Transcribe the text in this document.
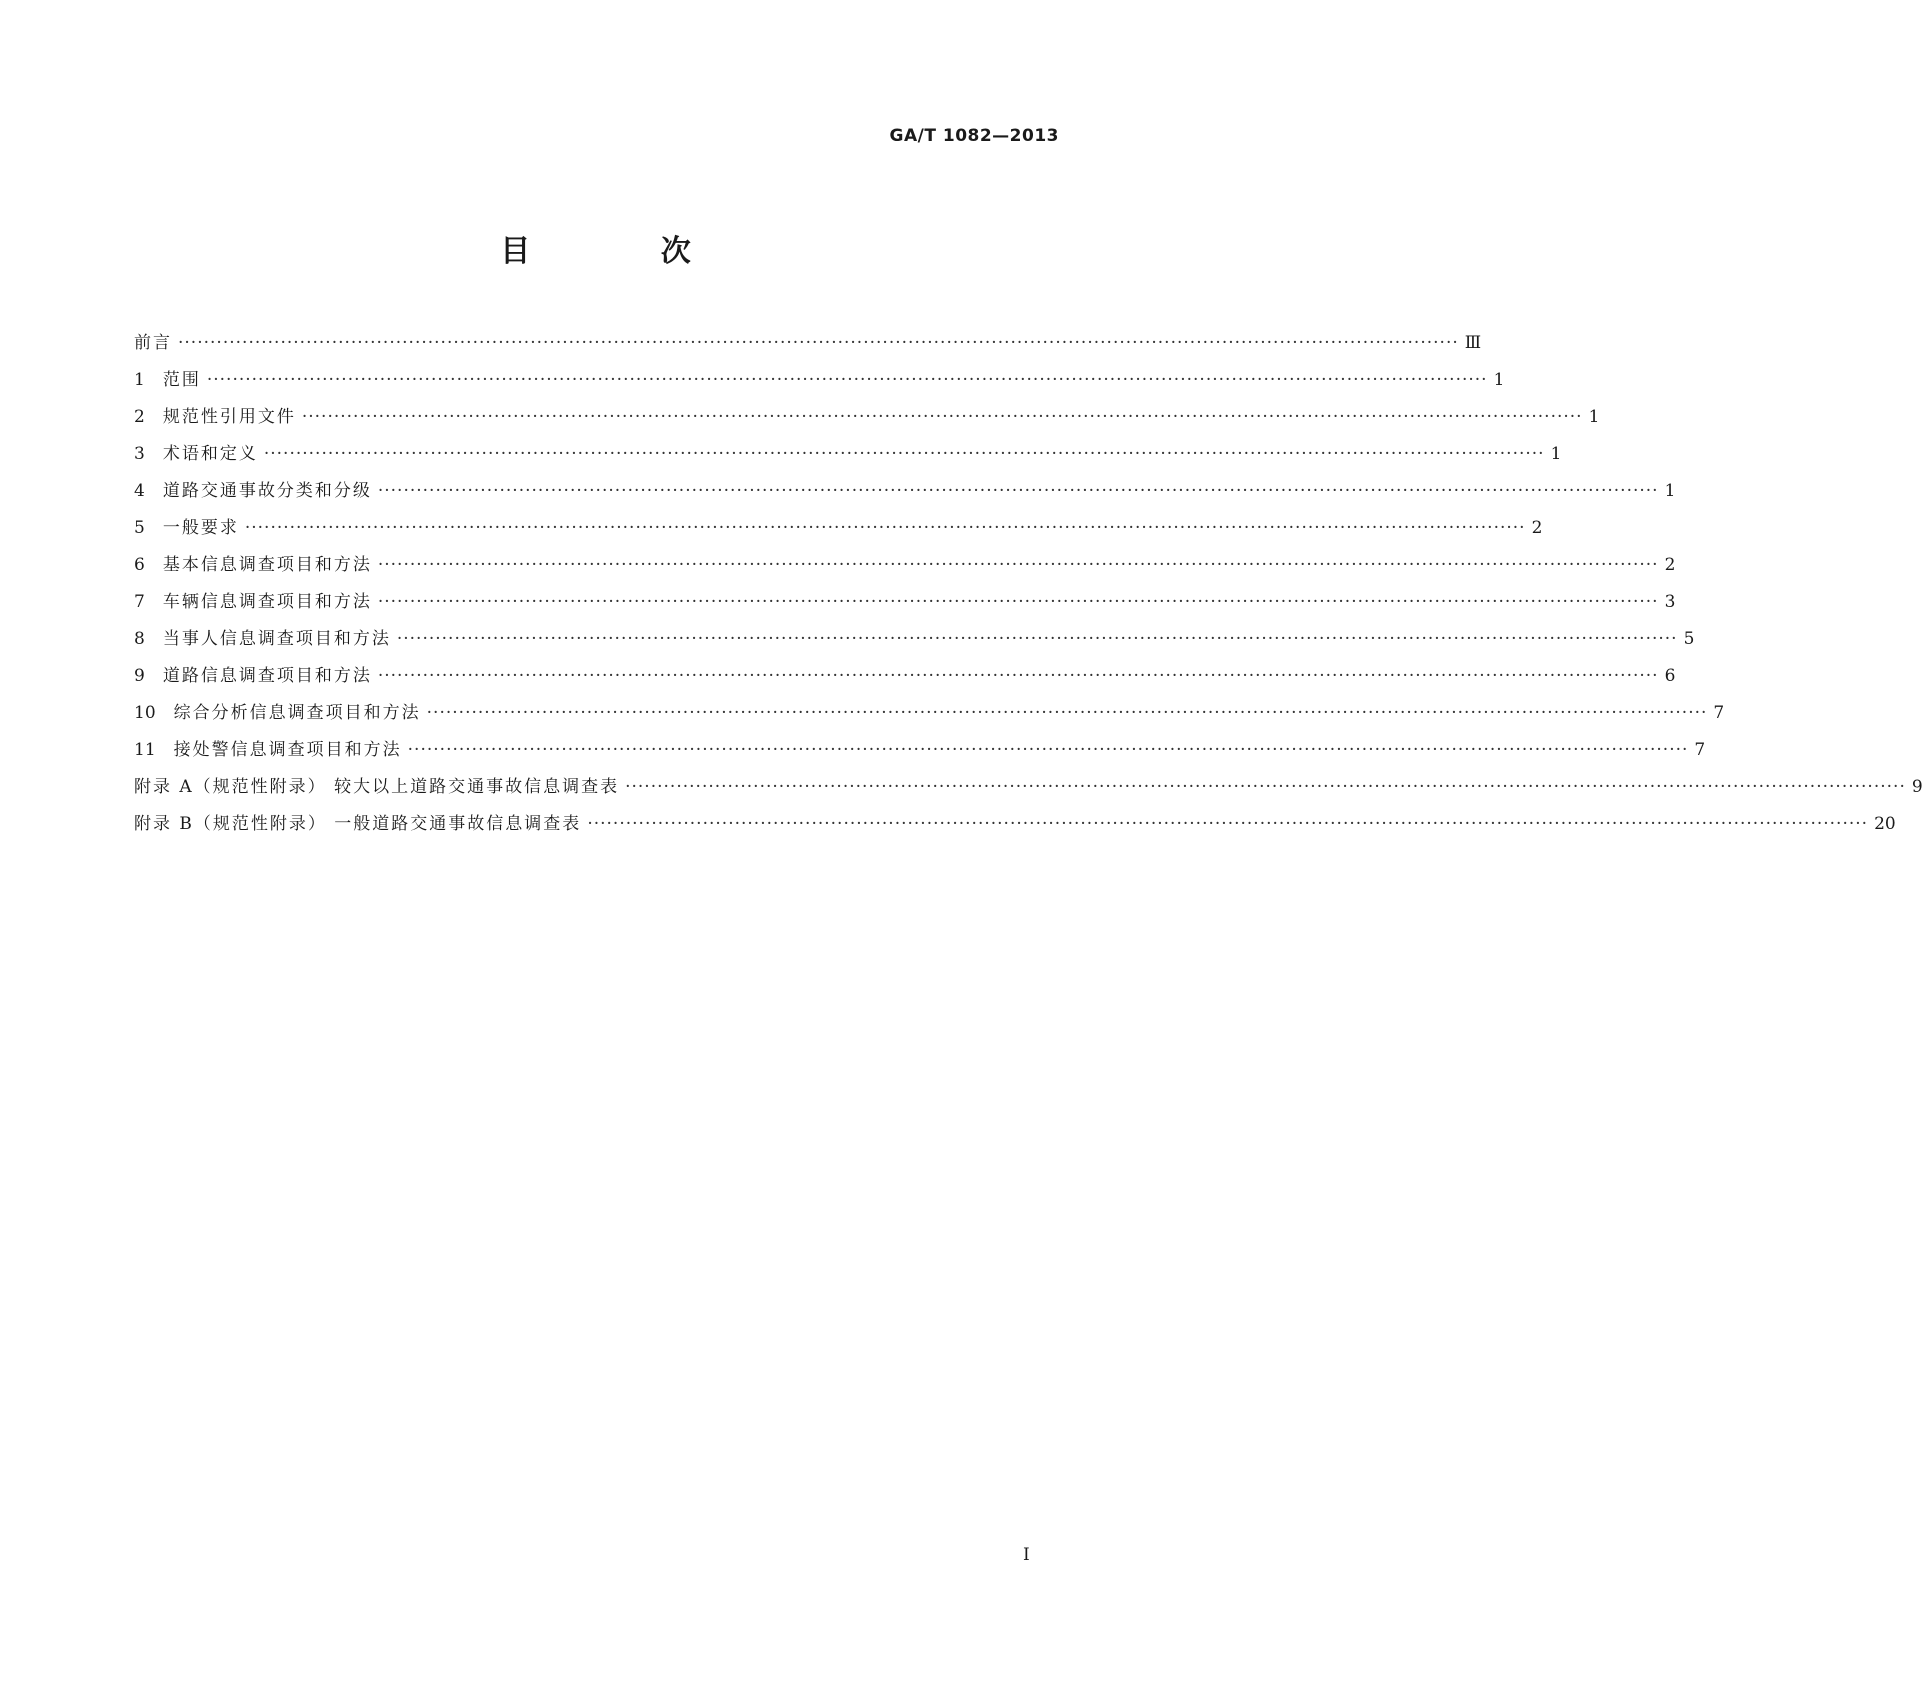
GA/T 1082—2013
目 次
前言 ········································································································································································································ Ⅲ
1 范围 ········································································································································································································ 1
2 规范性引用文件 ········································································································································································································ 1
3 术语和定义 ········································································································································································································ 1
4 道路交通事故分类和分级 ········································································································································································································ 1
5 一般要求 ········································································································································································································ 2
6 基本信息调查项目和方法 ········································································································································································································ 2
7 车辆信息调查项目和方法 ········································································································································································································ 3
8 当事人信息调查项目和方法 ········································································································································································································ 5
9 道路信息调查项目和方法 ········································································································································································································ 6
10 综合分析信息调查项目和方法 ········································································································································································································ 7
11 接处警信息调查项目和方法 ········································································································································································································ 7
附录 A（规范性附录） 较大以上道路交通事故信息调查表 ········································································································································································································ 9
附录 B（规范性附录） 一般道路交通事故信息调查表 ········································································································································································································ 20
I
